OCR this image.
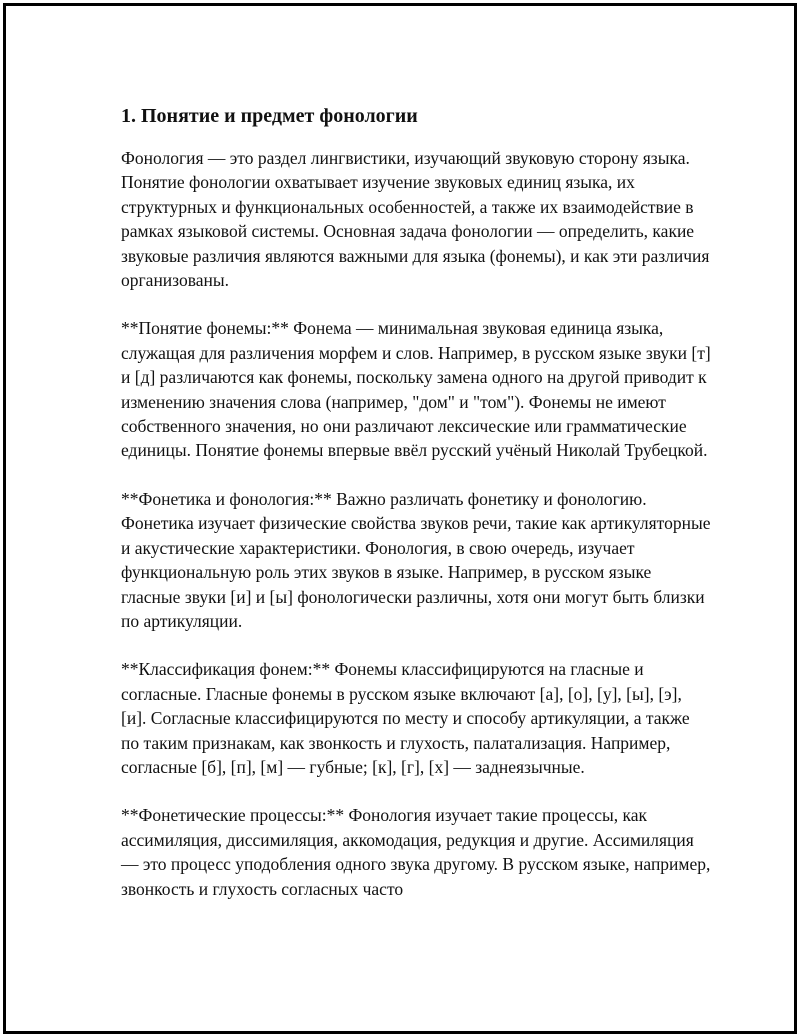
1. Понятие и предмет фонологии

Фонология — это раздел лингвистики, изучающий звуковую сторону языка. Понятие фонологии охватывает изучение звуковых единиц языка, их структурных и функциональных особенностей, а также их взаимодействие в рамках языковой системы. Основная задача фонологии — определить, какие звуковые различия являются важными для языка (фонемы), и как эти различия организованы.

**Понятие фонемы:** Фонема — минимальная звуковая единица языка, служащая для различения морфем и слов. Например, в русском языке звуки [т] и [д] различаются как фонемы, поскольку замена одного на другой приводит к изменению значения слова (например, "дом" и "том"). Фонемы не имеют собственного значения, но они различают лексические или грамматические единицы. Понятие фонемы впервые ввёл русский учёный Николай Трубецкой.

**Фонетика и фонология:** Важно различать фонетику и фонологию. Фонетика изучает физические свойства звуков речи, такие как артикуляторные и акустические характеристики. Фонология, в свою очередь, изучает функциональную роль этих звуков в языке. Например, в русском языке гласные звуки [и] и [ы] фонологически различны, хотя они могут быть близки по артикуляции.

**Классификация фонем:** Фонемы классифицируются на гласные и согласные. Гласные фонемы в русском языке включают [а], [о], [у], [ы], [э], [и]. Согласные классифицируются по месту и способу артикуляции, а также по таким признакам, как звонкость и глухость, палатализация. Например, согласные [б], [п], [м] — губные; [к], [г], [х] — заднеязычные.

**Фонетические процессы:** Фонология изучает такие процессы, как ассимиляция, диссимиляция, аккомодация, редукция и другие. Ассимиляция — это процесс уподобления одного звука другому. В русском языке, например, звонкость и глухость согласных часто
